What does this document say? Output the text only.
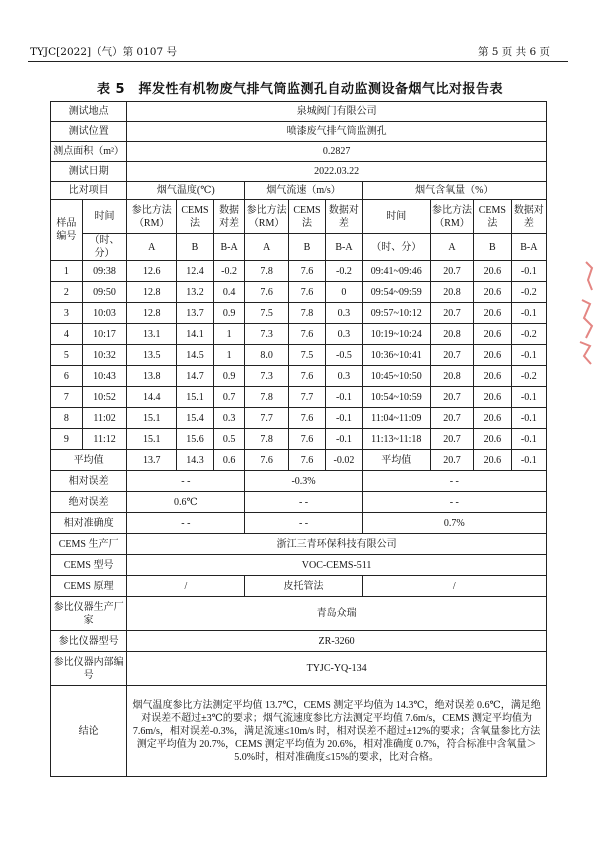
TYJC[2022]（气）第 0107 号	第 5 页 共 6 页
表 5　挥发性有机物废气排气筒监测孔自动监测设备烟气比对报告表
测试地点		泉城阀门有限公司									
测试位置		喷漆废气排气筒监测孔									
测点面积（m²）		0.2827									
测试日期		2022.03.22									
比对项目		烟气温度(℃)			烟气流速（m/s）			烟气含氧量（%）			
样品编号	时间	参比方法（RM）	CEMS 法	数据对差	参比方法（RM）	CEMS 法	数据对差	时间	参比方法（RM）	CEMS 法	数据对差
	（时、分）	A	B	B-A	A	B	B-A	（时、分）	A	B	B-A

1	09:38	12.6	12.4	-0.2	7.8	7.6	-0.2	09:41~09:46	20.7	20.6	-0.1
2	09:50	12.8	13.2	0.4	7.6	7.6	0	09:54~09:59	20.8	20.6	-0.2
3	10:03	12.8	13.7	0.9	7.5	7.8	0.3	09:57~10:12	20.7	20.6	-0.1
4	10:17	13.1	14.1	1	7.3	7.6	0.3	10:19~10:24	20.8	20.6	-0.2
5	10:32	13.5	14.5	1	8.0	7.5	-0.5	10:36~10:41	20.7	20.6	-0.1
6	10:43	13.8	14.7	0.9	7.3	7.6	0.3	10:45~10:50	20.8	20.6	-0.2
7	10:52	14.4	15.1	0.7	7.8	7.7	-0.1	10:54~10:59	20.7	20.6	-0.1
8	11:02	15.1	15.4	0.3	7.7	7.6	-0.1	11:04~11:09	20.7	20.6	-0.1
9	11:12	15.1	15.6	0.5	7.8	7.6	-0.1	11:13~11:18	20.7	20.6	-0.1
平均值		13.7	14.3	0.6	7.6	7.6	-0.02	平均值	20.7	20.6	-0.1
相对误差		- -			-0.3%			- -			
绝对误差		0.6℃			- -			- -			
相对准确度		- -			- -			0.7%			
CEMS 生产厂		浙江三青环保科技有限公司									
CEMS 型号		VOC-CEMS-511									
CEMS 原理		/			皮托管法			/			
参比仪器生产厂家		青岛众瑞									
参比仪器型号		ZR-3260									
参比仪器内部编号		TYJC-YQ-134									
结论		烟气温度参比方法测定平均值 13.7℃，CEMS 测定平均值为 14.3℃，绝对误差 0.6℃，满足绝对误差不超过±3℃的要求；烟气流速度参比方法测定平均值 7.6m/s，CEMS 测定平均值为 7.6m/s，相对误差-0.3%，满足流速≤10m/s 时，相对误差不超过±12%的要求；含氧量参比方法测定平均值为 20.7%，CEMS 测定平均值为 20.6%，相对准确度 0.7%，符合标准中含氧量＞5.0%时，相对准确度≤15%的要求，比对合格。									
